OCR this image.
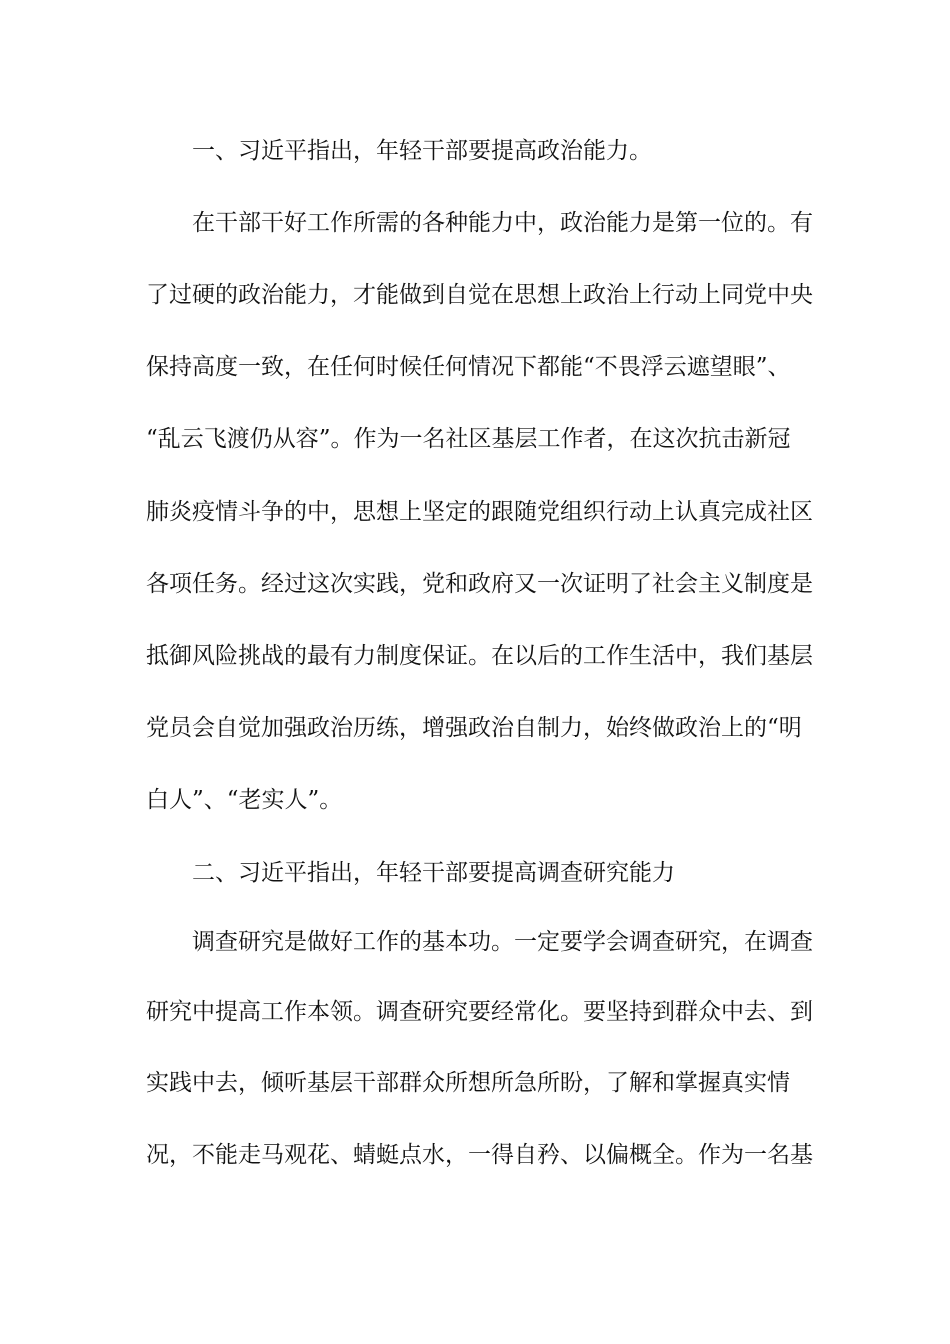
一、习近平指出，年轻干部要提高政治能力。
在干部干好工作所需的各种能力中，政治能力是第一位的。有
了过硬的政治能力，才能做到自觉在思想上政治上行动上同党中央
保持高度一致，在任何时候任何情况下都能“不畏浮云遮望眼”、
“乱云飞渡仍从容”。作为一名社区基层工作者，在这次抗击新冠
肺炎疫情斗争的中，思想上坚定的跟随党组织行动上认真完成社区
各项任务。经过这次实践，党和政府又一次证明了社会主义制度是
抵御风险挑战的最有力制度保证。在以后的工作生活中，我们基层
党员会自觉加强政治历练，增强政治自制力，始终做政治上的“明
白人”、“老实人”。
二、习近平指出，年轻干部要提高调查研究能力
调查研究是做好工作的基本功。一定要学会调查研究，在调查
研究中提高工作本领。调查研究要经常化。要坚持到群众中去、到
实践中去，倾听基层干部群众所想所急所盼，了解和掌握真实情
况，不能走马观花、蜻蜓点水，一得自矜、以偏概全。作为一名基
